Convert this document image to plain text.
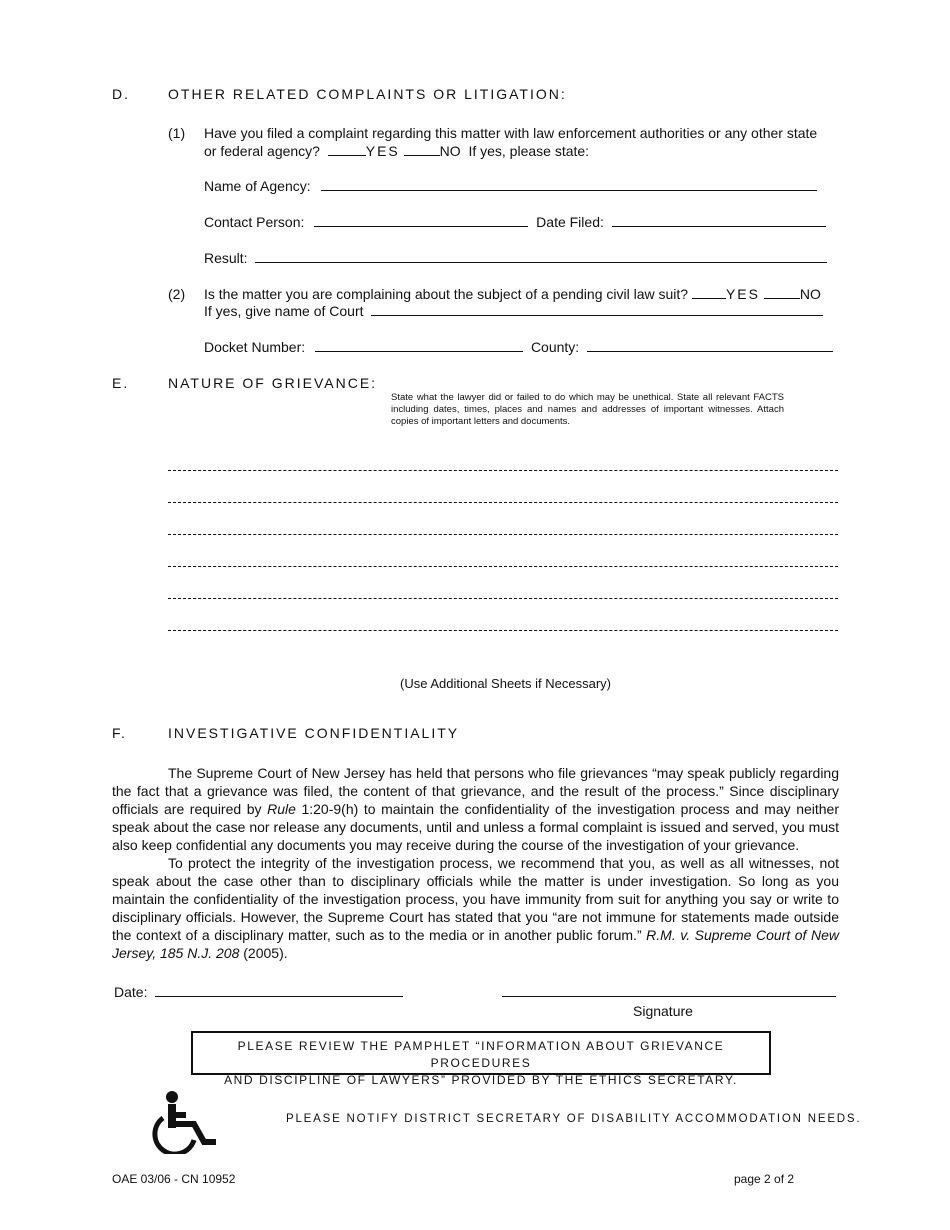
D.	OTHER RELATED COMPLAINTS OR LITIGATION:
(1) Have you filed a complaint regarding this matter with law enforcement authorities or any other state
or federal agency?	YES	NO If yes, please state:
Name of Agency:
Contact Person:	Date Filed:
Result:
(2) Is the matter you are complaining about the subject of a pending civil law suit?	YES	NO
If yes, give name of Court
Docket Number:	County:
E.	NATURE OF GRIEVANCE:
State what the lawyer did or failed to do which may be unethical. State all relevant FACTS including dates, times, places and names and addresses of important witnesses. Attach copies of important letters and documents.
(Use Additional Sheets if Necessary)
F.	INVESTIGATIVE CONFIDENTIALITY

The Supreme Court of New Jersey has held that persons who file grievances “may speak publicly regarding the fact that a grievance was filed, the content of that grievance, and the result of the process.” Since disciplinary officials are required by Rule 1:20-9(h) to maintain the confidentiality of the investigation process and may neither speak about the case nor release any documents, until and unless a formal complaint is issued and served, you must also keep confidential any documents you may receive during the course of the investigation of your grievance.

To protect the integrity of the investigation process, we recommend that you, as well as all witnesses, not speak about the case other than to disciplinary officials while the matter is under investigation. So long as you maintain the confidentiality of the investigation process, you have immunity from suit for anything you say or write to disciplinary officials. However, the Supreme Court has stated that you “are not immune for statements made outside the context of a disciplinary matter, such as to the media or in another public forum.” R.M. v. Supreme Court of New Jersey, 185 N.J. 208 (2005).

Date:
Signature
PLEASE REVIEW THE PAMPHLET “INFORMATION ABOUT GRIEVANCE PROCEDURES
AND DISCIPLINE OF LAWYERS” PROVIDED BY THE ETHICS SECRETARY.
PLEASE NOTIFY DISTRICT SECRETARY OF DISABILITY ACCOMMODATION NEEDS.
OAE 03/06 - CN 10952	page 2 of 2
